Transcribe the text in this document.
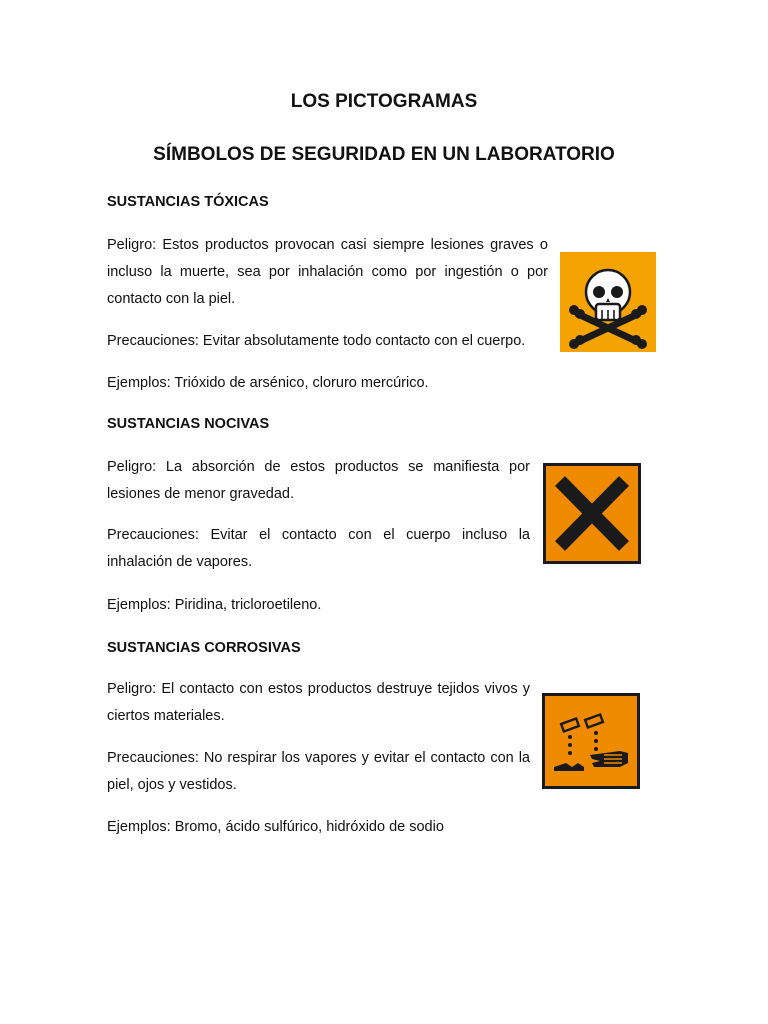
LOS PICTOGRAMAS
SÍMBOLOS DE SEGURIDAD EN UN LABORATORIO

SUSTANCIAS TÓXICAS

Peligro: Estos productos provocan casi siempre lesiones graves o incluso la muerte, sea por inhalación como por ingestión o por contacto con la piel.

Precauciones: Evitar absolutamente todo contacto con el cuerpo.

Ejemplos: Trióxido de arsénico, cloruro mercúrico.

SUSTANCIAS NOCIVAS

Peligro: La absorción de estos productos se manifiesta por lesiones de menor gravedad.

Precauciones: Evitar el contacto con el cuerpo incluso la inhalación de vapores.

Ejemplos: Piridina, tricloroetileno.

SUSTANCIAS CORROSIVAS

Peligro: El contacto con estos productos destruye tejidos vivos y ciertos materiales.

Precauciones: No respirar los vapores y evitar el contacto con la piel, ojos y vestidos.

Ejemplos: Bromo, ácido sulfúrico, hidróxido de sodio
